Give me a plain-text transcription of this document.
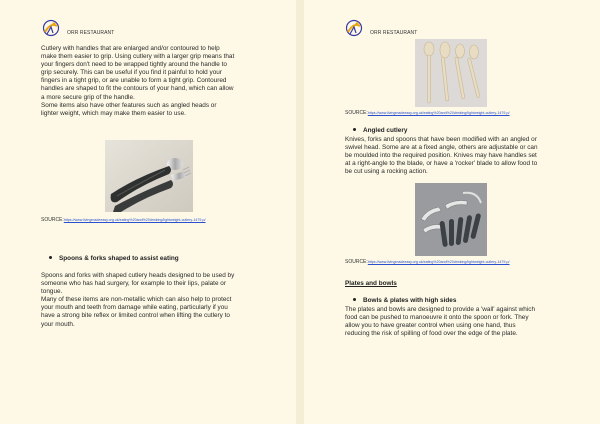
ORR RESTAURANT
Cutlery with handles that are enlarged and/or contoured to help
make them easier to grip. Using cutlery with a larger grip means that
your fingers don't need to be wrapped tightly around the handle to
grip securely. This can be useful if you find it painful to hold your
fingers in a tight grip, or are unable to form a tight grip. Contoured
handles are shaped to fit the contours of your hand, which can allow
a more secure grip of the handle.
Some items also have other features such as angled heads or
lighter weight, which may make them easier to use.
SOURCE:https://www.livingmadeeasy.org.uk/eating%20and%20drinking/lightweight-cutlery-1479-p/
Spoons & forks shaped to assist eating
Spoons and forks with shaped cutlery heads designed to be used by
someone who has had surgery, for example to their lips, palate or
tongue.
Many of these items are non-metallic which can also help to protect
your mouth and teeth from damage while eating, particularly if you
have a strong bite reflex or limited control when lifting the cutlery to
your mouth.
ORR RESTAURANT
SOURCE:https://www.livingmadeeasy.org.uk/eating%20and%20drinking/lightweight-cutlery-1479-p/
Angled cutlery
Knives, forks and spoons that have been modified with an angled or
swivel head. Some are at a fixed angle, others are adjustable or can
be moulded into the required position. Knives may have handles set
at a right-angle to the blade, or have a 'rocker' blade to allow food to
be cut using a rocking action.
SOURCE:https://www.livingmadeeasy.org.uk/eating%20and%20drinking/lightweight-cutlery-1479-p/
Plates and bowls
Bowls & plates with high sides
The plates and bowls are designed to provide a 'wall' against which
food can be pushed to manoeuvre it onto the spoon or fork. They
allow you to have greater control when using one hand, thus
reducing the risk of spilling of food over the edge of the plate.
